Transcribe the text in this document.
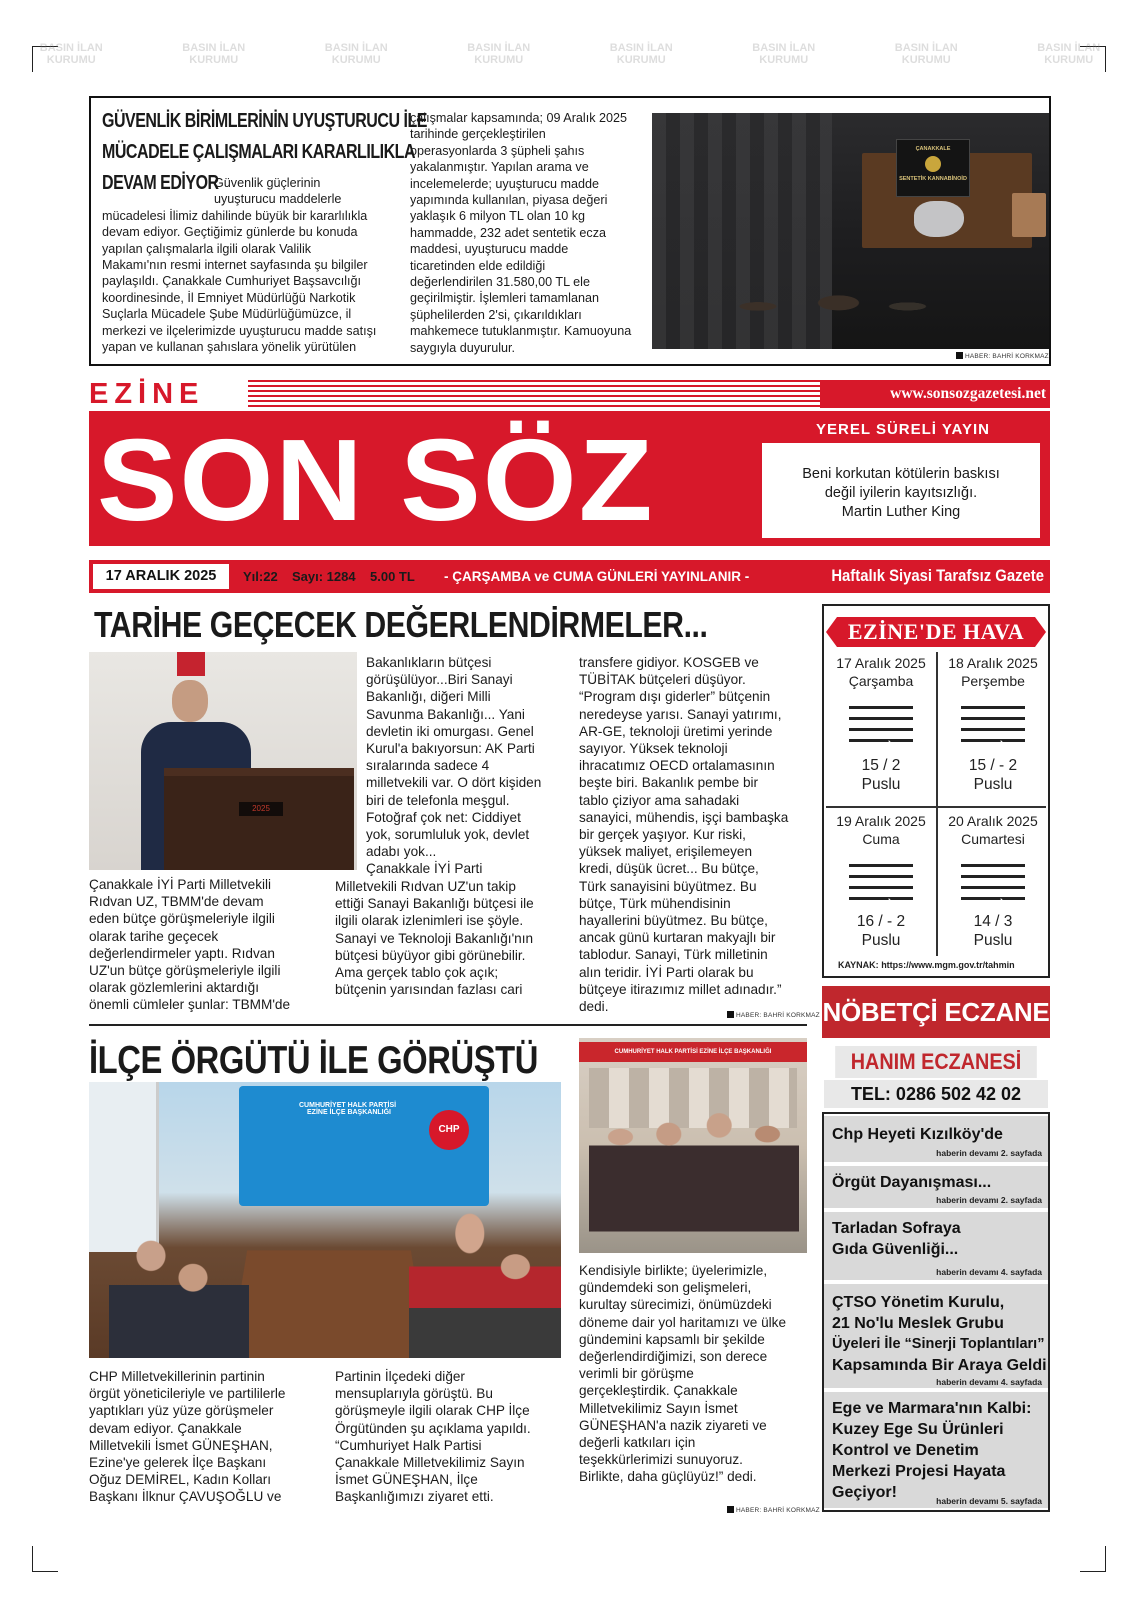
BASIN İLAN
KURUMU
BASIN İLAN
KURUMU
BASIN İLAN
KURUMU
BASIN İLAN
KURUMU
BASIN İLAN
KURUMU
BASIN İLAN
KURUMU
BASIN İLAN
KURUMU
BASIN İLAN
KURUMU
GÜVENLİK BİRİMLERİNİN UYUŞTURUCU İLE
MÜCADELE ÇALIŞMALARI KARARLILIKLA
DEVAM EDİYOR
Güvenlik güçlerinin
uyuşturucu maddelerle
mücadelesi İlimiz dahilinde büyük bir kararlılıkla
devam ediyor. Geçtiğimiz günlerde bu konuda
yapılan çalışmalarla ilgili olarak Valilik
Makamı'nın resmi internet sayfasında şu bilgiler
paylaşıldı. Çanakkale Cumhuriyet Başsavcılığı
koordinesinde, İl Emniyet Müdürlüğü Narkotik
Suçlarla Mücadele Şube Müdürlüğümüzce, il
merkezi ve ilçelerimizde uyuşturucu madde satışı
yapan ve kullanan şahıslara yönelik yürütülen
çalışmalar kapsamında; 09 Aralık 2025
tarihinde gerçekleştirilen
operasyonlarda 3 şüpheli şahıs
yakalanmıştır. Yapılan arama ve
incelemelerde; uyuşturucu madde
yapımında kullanılan, piyasa değeri
yaklaşık 6 milyon TL olan 10 kg
hammadde, 232 adet sentetik ecza
maddesi, uyuşturucu madde
ticaretinden elde edildiği
değerlendirilen 31.580,00 TL ele
geçirilmiştir. İşlemleri tamamlanan
şüphelilerden 2'si, çıkarıldıkları
mahkemece tutuklanmıştır. Kamuoyuna
saygıyla duyurulur.
ÇANAKKALE
SENTETİK KANNABİNOİD
HABER: BAHRİ KORKMAZ
EZİNE	www.sonsozgazetesi.net
SON SÖZ	YEREL SÜRELİ YAYIN
Beni korkutan kötülerin baskısı
değil iyilerin kayıtsızlığı.
Martin Luther King
17 ARALIK 2025	Yıl:22 Sayı: 1284 5.00 TL - ÇARŞAMBA ve CUMA GÜNLERİ YAYINLANIR -	Haftalık Siyasi Tarafsız Gazete
TARİHE GEÇECEK DEĞERLENDİRMELER...
2025
Çanakkale İYİ Parti Milletvekili
Rıdvan UZ, TBMM'de devam
eden bütçe görüşmeleriyle ilgili
olarak tarihe geçecek
değerlendirmeler yaptı. Rıdvan
UZ'un bütçe görüşmeleriyle ilgili
olarak gözlemlerini aktardığı
önemli cümleler şunlar: TBMM'de
Bakanlıkların bütçesi
görüşülüyor...Biri Sanayi
Bakanlığı, diğeri Milli
Savunma Bakanlığı... Yani
devletin iki omurgası. Genel
Kurul'a bakıyorsun: AK Parti
sıralarında sadece 4
milletvekili var. O dört kişiden
biri de telefonla meşgul.
Fotoğraf çok net: Ciddiyet
yok, sorumluluk yok, devlet
adabı yok...
Çanakkale İYİ Parti
Milletvekili Rıdvan UZ'un takip
ettiği Sanayi Bakanlığı bütçesi ile
ilgili olarak izlenimleri ise şöyle.
Sanayi ve Teknoloji Bakanlığı'nın
bütçesi büyüyor gibi görünebilir.
Ama gerçek tablo çok açık;
bütçenin yarısından fazlası cari
transfere gidiyor. KOSGEB ve
TÜBİTAK bütçeleri düşüyor.
“Program dışı giderler” bütçenin
neredeyse yarısı. Sanayi yatırımı,
AR-GE, teknoloji üretimi yerinde
sayıyor. Yüksek teknoloji
ihracatımız OECD ortalamasının
beşte biri. Bakanlık pembe bir
tablo çiziyor ama sahadaki
sanayici, mühendis, işçi bambaşka
bir gerçek yaşıyor. Kur riski,
yüksek maliyet, erişilemeyen
kredi, düşük ücret... Bu bütçe,
Türk sanayisini büyütmez. Bu
bütçe, Türk mühendisinin
hayallerini büyütmez. Bu bütçe,
ancak günü kurtaran makyajlı bir
tablodur. Sanayi, Türk milletinin
alın teridir. İYİ Parti olarak bu
bütçeye itirazımız millet adınadır.”
dedi.
HABER: BAHRİ KORKMAZ
EZİNE'DE HAVA
17 Aralık 2025
Çarşamba
15 / 2
Puslu
18 Aralık 2025
Perşembe
15 / - 2
Puslu
19 Aralık 2025
Cuma
16 / - 2
Puslu
20 Aralık 2025
Cumartesi
14 / 3
Puslu
KAYNAK: https://www.mgm.gov.tr/tahmin
NÖBETÇİ ECZANE
HANIM ECZANESİ
TEL: 0286 502 42 02
Chp Heyeti Kızılköy'de
haberin devamı 2. sayfada
Örgüt Dayanışması...
haberin devamı 2. sayfada
Tarladan Sofraya
Gıda Güvenliği...
haberin devamı 4. sayfada
ÇTSO Yönetim Kurulu,
21 No'lu Meslek Grubu
Üyeleri İle “Sinerji Toplantıları”
Kapsamında Bir Araya Geldi
haberin devamı 4. sayfada
Ege ve Marmara'nın Kalbi:
Kuzey Ege Su Ürünleri
Kontrol ve Denetim
Merkezi Projesi Hayata
Geçiyor!	haberin devamı 5. sayfada
İLÇE ÖRGÜTÜ İLE GÖRÜŞTÜ
CUMHURİYET HALK PARTİSİ
EZİNE İLÇE BAŞKANLIĞI
CHP
CUMHURİYET HALK PARTİSİ EZİNE İLÇE BAŞKANLIĞI
CHP Milletvekillerinin partinin
örgüt yöneticileriyle ve partililerle
yaptıkları yüz yüze görüşmeler
devam ediyor. Çanakkale
Milletvekili İsmet GÜNEŞHAN,
Ezine'ye gelerek İlçe Başkanı
Oğuz DEMİREL, Kadın Kolları
Başkanı İlknur ÇAVUŞOĞLU ve
Partinin İlçedeki diğer
mensuplarıyla görüştü. Bu
görüşmeyle ilgili olarak CHP İlçe
Örgütünden şu açıklama yapıldı.
“Cumhuriyet Halk Partisi
Çanakkale Milletvekilimiz Sayın
İsmet GÜNEŞHAN, İlçe
Başkanlığımızı ziyaret etti.
Kendisiyle birlikte; üyelerimizle,
gündemdeki son gelişmeleri,
kurultay sürecimizi, önümüzdeki
döneme dair yol haritamızı ve ülke
gündemini kapsamlı bir şekilde
değerlendirdiğimizi, son derece
verimli bir görüşme
gerçekleştirdik. Çanakkale
Milletvekilimiz Sayın İsmet
GÜNEŞHAN'a nazik ziyareti ve
değerli katkıları için
teşekkürlerimizi sunuyoruz.
Birlikte, daha güçlüyüz!” dedi.
HABER: BAHRİ KORKMAZ
